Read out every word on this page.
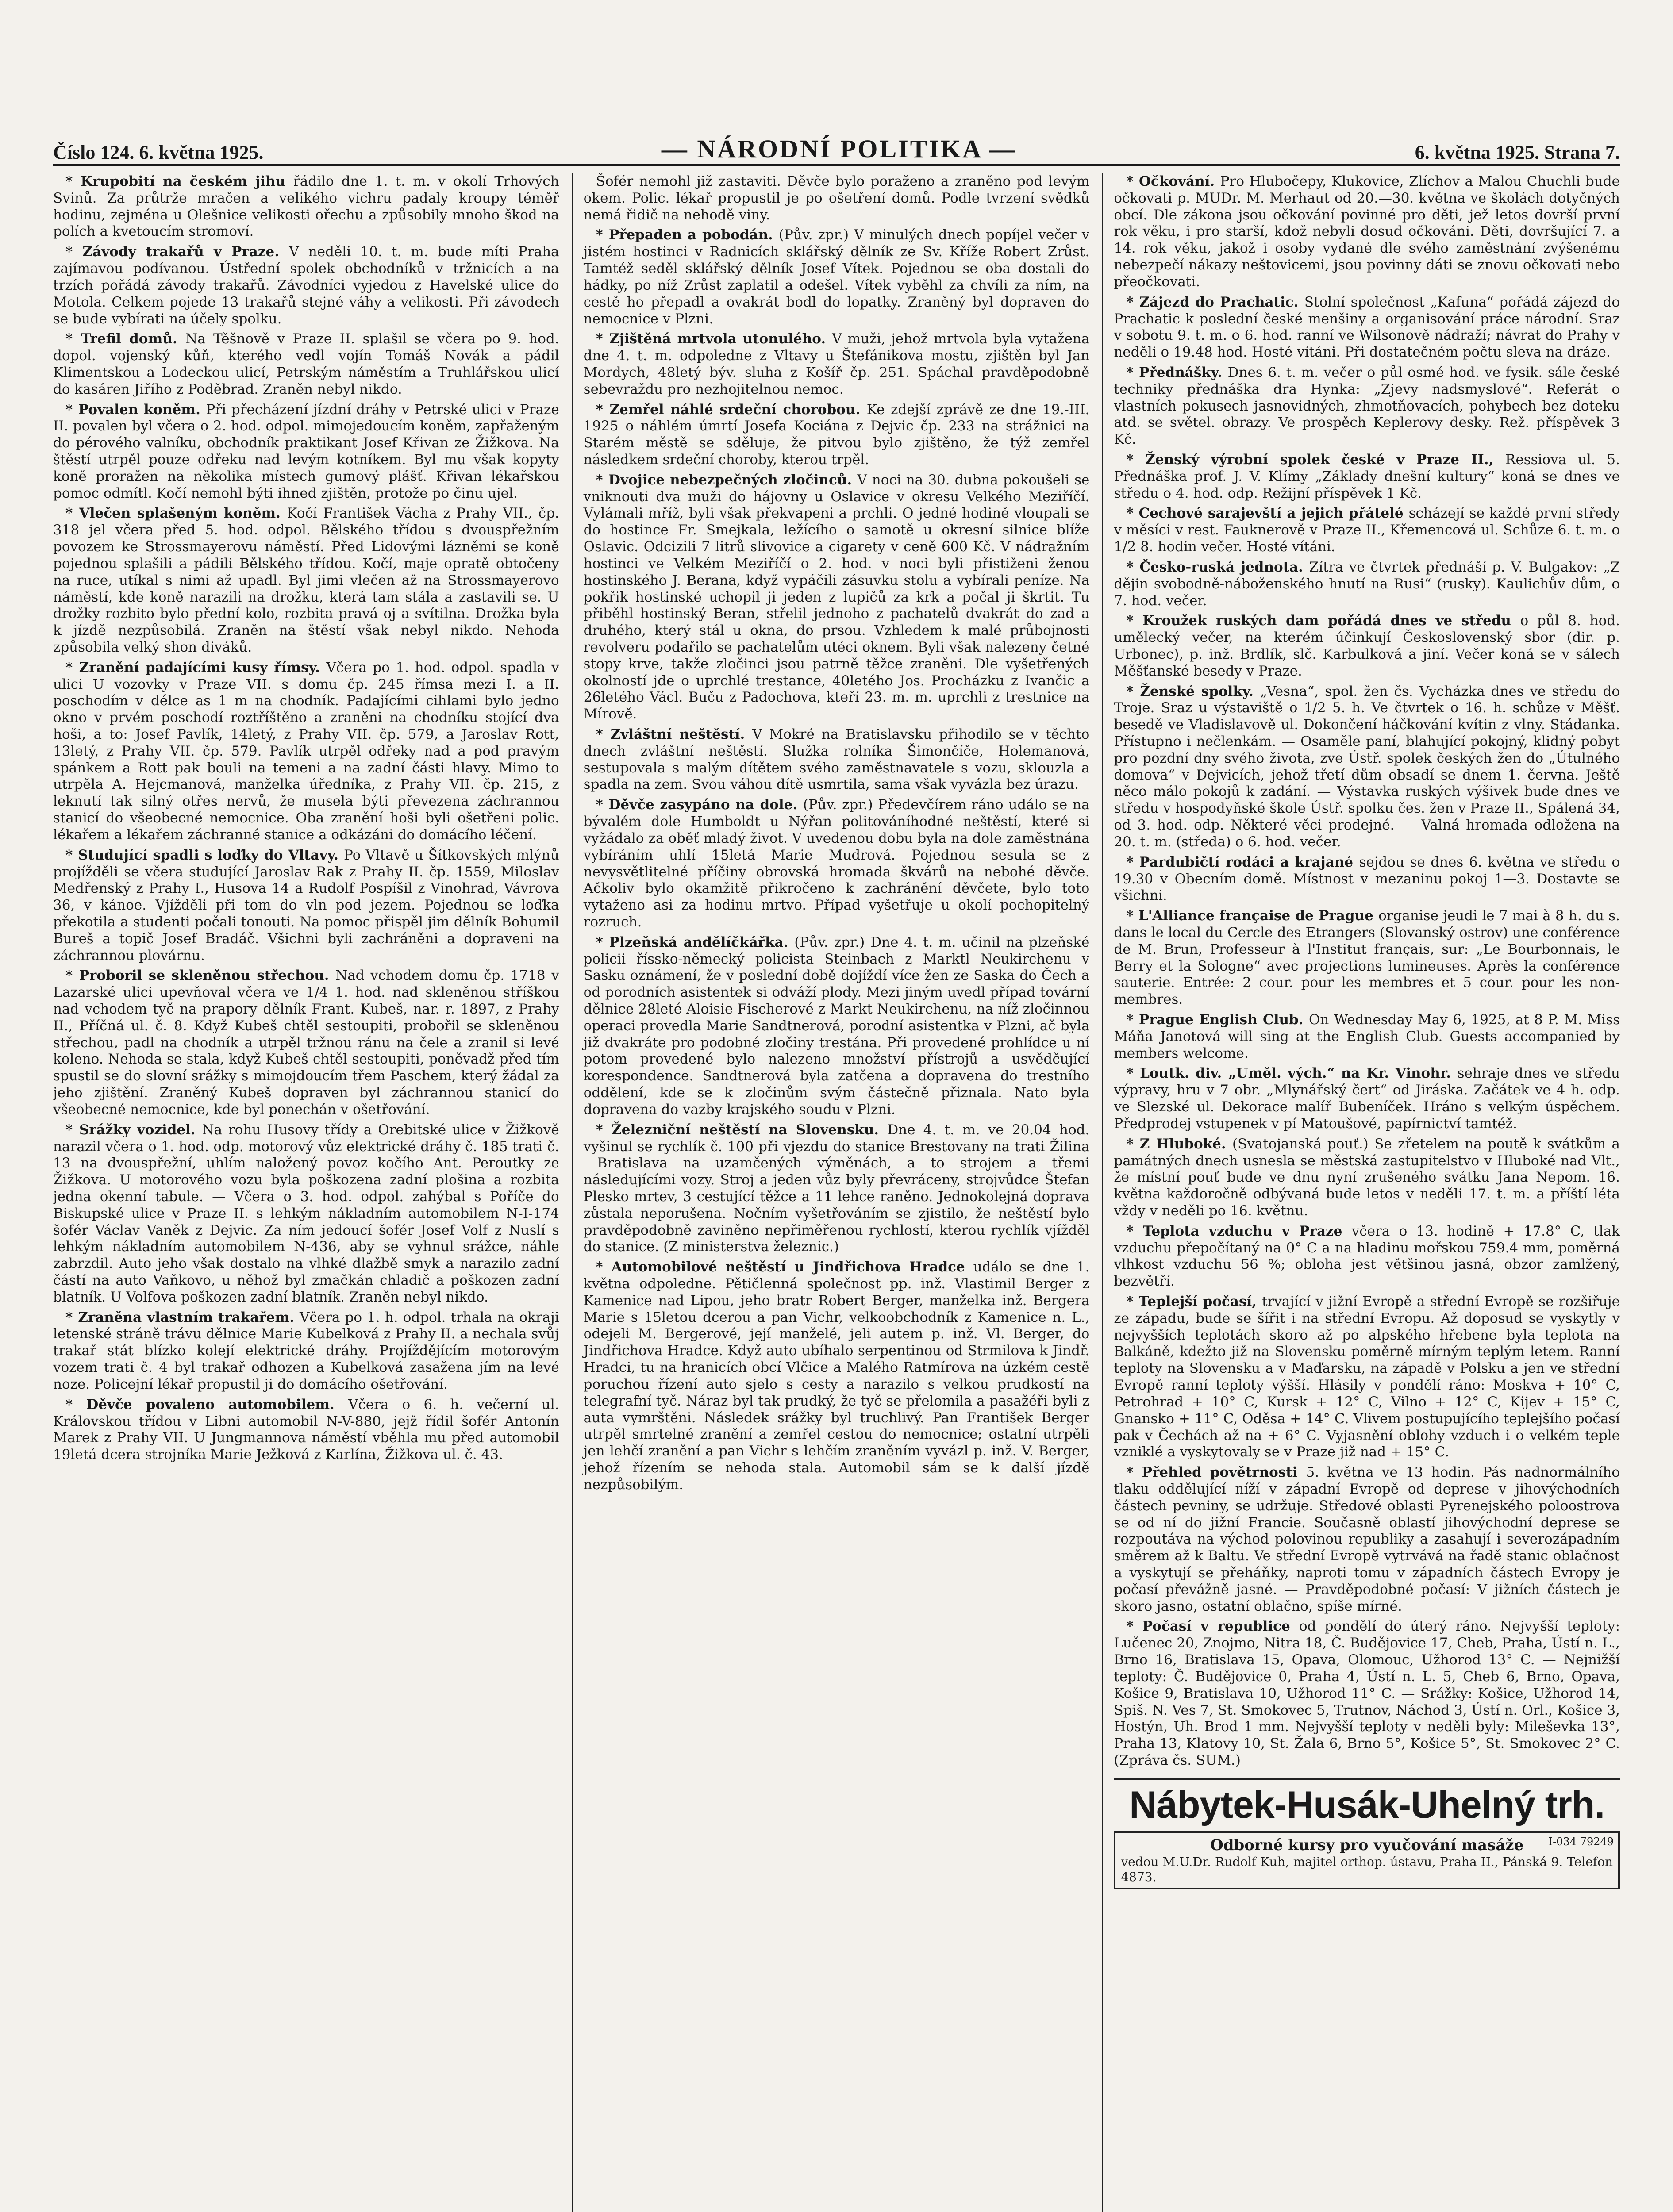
Číslo 124. 6. května 1925.	— NÁRODNÍ POLITIKA —	6. května 1925. Strana 7.

* Krupobití na českém jihu řádilo dne 1. t. m. v okolí Trhových Svinů. Za průtrže mračen a velikého vichru padaly kroupy téměř hodinu, zejména u Olešnice velikosti ořechu a způsobily mnoho škod na polích a kvetoucím stromoví.

* Závody trakařů v Praze. V neděli 10. t. m. bude míti Praha zajímavou podívanou. Ústřední spolek obchodníků v tržnicích a na trzích pořádá závody trakařů. Závodníci vyjedou z Havelské ulice do Motola. Celkem pojede 13 trakařů stejné váhy a velikosti. Při závodech se bude vybírati na účely spolku.

* Trefil domů. Na Těšnově v Praze II. splašil se včera po 9. hod. dopol. vojenský kůň, kterého vedl vojín Tomáš Novák a pádil Klimentskou a Lodeckou ulicí, Petrským náměstím a Truhlářskou ulicí do kasáren Jiřího z Poděbrad. Zraněn nebyl nikdo.

* Povalen koněm. Při přecházení jízdní dráhy v Petrské ulici v Praze II. povalen byl včera o 2. hod. odpol. mimojedoucím koněm, zapřaženým do pérového valníku, obchodník praktikant Josef Křivan ze Žižkova. Na štěstí utrpěl pouze odřeku nad levým kotníkem. Byl mu však kopyty koně proražen na několika místech gumový plášť. Křivan lékařskou pomoc odmítl. Kočí nemohl býti ihned zjištěn, protože po činu ujel.

* Vlečen splašeným koněm. Kočí František Vácha z Prahy VII., čp. 318 jel včera před 5. hod. odpol. Bělského třídou s dvouspřežním povozem ke Strossmayerovu náměstí. Před Lidovými lázněmi se koně pojednou splašili a pádili Bělského třídou. Kočí, maje opratě obtočeny na ruce, utíkal s nimi až upadl. Byl jimi vlečen až na Strossmayerovo náměstí, kde koně narazili na drožku, která tam stála a zastavili se. U drožky rozbito bylo přední kolo, rozbita pravá oj a svítilna. Drožka byla k jízdě nezpůsobilá. Zraněn na štěstí však nebyl nikdo. Nehoda způsobila velký shon diváků.

* Zranění padajícími kusy římsy. Včera po 1. hod. odpol. spadla v ulici U vozovky v Praze VII. s domu čp. 245 římsa mezi I. a II. poschodím v délce as 1 m na chodník. Padajícími cihlami bylo jedno okno v prvém poschodí roztříštěno a zraněni na chodníku stojící dva hoši, a to: Josef Pavlík, 14letý, z Prahy VII. čp. 579, a Jaroslav Rott, 13letý, z Prahy VII. čp. 579. Pavlík utrpěl odřeky nad a pod pravým spánkem a Rott pak bouli na temeni a na zadní části hlavy. Mimo to utrpěla A. Hejcmanová, manželka úředníka, z Prahy VII. čp. 215, z leknutí tak silný otřes nervů, že musela býti převezena záchrannou stanicí do všeobecné nemocnice. Oba zranění hoši byli ošetřeni polic. lékařem a lékařem záchranné stanice a odkázáni do domácího léčení.

* Studující spadli s loďky do Vltavy. Po Vltavě u Šítkovských mlýnů projížděli se včera studující Jaroslav Rak z Prahy II. čp. 1559, Miloslav Medřenský z Prahy I., Husova 14 a Rudolf Pospíšil z Vinohrad, Vávrova 36, v kánoe. Vjížděli při tom do vln pod jezem. Pojednou se loďka překotila a studenti počali tonouti. Na pomoc přispěl jim dělník Bohumil Bureš a topič Josef Bradáč. Všichni byli zachráněni a dopraveni na záchrannou plovárnu.

* Proboril se skleněnou střechou. Nad vchodem domu čp. 1718 v Lazarské ulici upevňoval včera ve 1/4 1. hod. nad skleněnou stříškou nad vchodem tyč na prapory dělník Frant. Kubeš, nar. r. 1897, z Prahy II., Příčná ul. č. 8. Když Kubeš chtěl sestoupiti, probořil se skleněnou střechou, padl na chodník a utrpěl tržnou ránu na čele a zranil si levé koleno. Nehoda se stala, když Kubeš chtěl sestoupiti, poněvadž před tím spustil se do slovní srážky s mimojdoucím třem Paschem, který žádal za jeho zjištění. Zraněný Kubeš dopraven byl záchrannou stanicí do všeobecné nemocnice, kde byl ponechán v ošetřování.

* Srážky vozidel. Na rohu Husovy třídy a Orebitské ulice v Žižkově narazil včera o 1. hod. odp. motorový vůz elektrické dráhy č. 185 trati č. 13 na dvouspřežní, uhlím naložený povoz kočího Ant. Peroutky ze Žižkova. U motorového vozu byla poškozena zadní plošina a rozbita jedna okenní tabule. — Včera o 3. hod. odpol. zahýbal s Poříče do Biskupské ulice v Praze II. s lehkým nákladním automobilem N-I-174 šofér Václav Vaněk z Dejvic. Za ním jedoucí šofér Josef Volf z Nuslí s lehkým nákladním automobilem N-436, aby se vyhnul srážce, náhle zabrzdil. Auto jeho však dostalo na vlhké dlažbě smyk a narazilo zadní částí na auto Vaňkovo, u něhož byl zmačkán chladič a poškozen zadní blatník. U Volfova poškozen zadní blatník. Zraněn nebyl nikdo.

* Zraněna vlastním trakařem. Včera po 1. h. odpol. trhala na okraji letenské stráně trávu dělnice Marie Kubelková z Prahy II. a nechala svůj trakař stát blízko kolejí elektrické dráhy. Projíždějícím motorovým vozem trati č. 4 byl trakař odhozen a Kubelková zasažena jím na levé noze. Policejní lékař propustil ji do domácího ošetřování.

* Děvče povaleno automobilem. Včera o 6. h. večerní ul. Královskou třídou v Libni automobil N-V-880, jejž řídil šofér Antonín Marek z Prahy VII. U Jungmannova náměstí vběhla mu před automobil 19letá dcera strojníka Marie Ježková z Karlína, Žižkova ul. č. 43.

Šofér nemohl již zastaviti. Děvče bylo poraženo a zraněno pod levým okem. Polic. lékař propustil je po ošetření domů. Podle tvrzení svědků nemá řidič na nehodě viny.

* Přepaden a pobodán. (Pův. zpr.) V minulých dnech popíjel večer v jistém hostinci v Radnicích sklářský dělník ze Sv. Kříže Robert Zrůst. Tamtéž seděl sklářský dělník Josef Vítek. Pojednou se oba dostali do hádky, po níž Zrůst zaplatil a odešel. Vítek vyběhl za chvíli za ním, na cestě ho přepadl a ovakrát bodl do lopatky. Zraněný byl dopraven do nemocnice v Plzni.

* Zjištěná mrtvola utonulého. V muži, jehož mrtvola byla vytažena dne 4. t. m. odpoledne z Vltavy u Štefánikova mostu, zjištěn byl Jan Mordych, 48letý býv. sluha z Košíř čp. 251. Spáchal pravděpodobně sebevraždu pro nezhojitelnou nemoc.

* Zemřel náhlé srdeční chorobou. Ke zdejší zprávě ze dne 19.-III. 1925 o náhlém úmrtí Josefa Kociána z Dejvic čp. 233 na strážnici na Starém městě se sděluje, že pitvou bylo zjištěno, že týž zemřel následkem srdeční choroby, kterou trpěl.

* Dvojice nebezpečných zločinců. V noci na 30. dubna pokoušeli se vniknouti dva muži do hájovny u Oslavice v okresu Velkého Meziříčí. Vylámali mříž, byli však překvapeni a prchli. O jedné hodině vloupali se do hostince Fr. Smejkala, ležícího o samotě u okresní silnice blíže Oslavic. Odcizili 7 litrů slivovice a cigarety v ceně 600 Kč. V nádražním hostinci ve Velkém Meziříčí o 2. hod. v noci byli přistiženi ženou hostinského J. Berana, když vypáčili zásuvku stolu a vybírali peníze. Na pokřik hostinské uchopil ji jeden z lupičů za krk a počal ji škrtit. Tu přiběhl hostinský Beran, střelil jednoho z pachatelů dvakrát do zad a druhého, který stál u okna, do prsou. Vzhledem k malé průbojnosti revolveru podařilo se pachatelům utéci oknem. Byli však nalezeny četné stopy krve, takže zločinci jsou patrně těžce zraněni. Dle vyšetřených okolností jde o uprchlé trestance, 40letého Jos. Procházku z Ivančic a 26letého Václ. Buču z Padochova, kteří 23. m. m. uprchli z trestnice na Mírově.

* Zvláštní neštěstí. V Mokré na Bratislavsku přihodilo se v těchto dnech zvláštní neštěstí. Služka rolníka Šimončíče, Holemanová, sestupovala s malým dítětem svého zaměstnavatele s vozu, sklouzla a spadla na zem. Svou váhou dítě usmrtila, sama však vyvázla bez úrazu.

* Děvče zasypáno na dole. (Pův. zpr.) Předevčírem ráno událo se na bývalém dole Humboldt u Nýřan politováníhodné neštěstí, které si vyžádalo za oběť mladý život. V uvedenou dobu byla na dole zaměstnána vybíráním uhlí 15letá Marie Mudrová. Pojednou sesula se z nevysvětlitelné příčiny obrovská hromada škvárů na nebohé děvče. Ačkoliv bylo okamžitě přikročeno k zachránění děvčete, bylo toto vytaženo asi za hodinu mrtvo. Případ vyšetřuje u okolí pochopitelný rozruch.

* Plzeňská andělíčkářka. (Pův. zpr.) Dne 4. t. m. učinil na plzeňské policii říssko-německý policista Steinbach z Marktl Neukirchenu v Sasku oznámení, že v poslední době dojíždí více žen ze Saska do Čech a od porodních asistentek si odváží plody. Mezi jiným uvedl případ tovární dělnice 28leté Aloisie Fischerové z Markt Neukirchenu, na níž zločinnou operaci provedla Marie Sandtnerová, porodní asistentka v Plzni, ač byla již dvakráte pro podobné zločiny trestána. Při provedené prohlídce u ní potom provedené bylo nalezeno množství přístrojů a usvědčující korespondence. Sandtnerová byla zatčena a dopravena do trestního oddělení, kde se k zločinům svým částečně přiznala. Nato byla dopravena do vazby krajského soudu v Plzni.

* Železniční neštěstí na Slovensku. Dne 4. t. m. ve 20.04 hod. vyšinul se rychlík č. 100 při vjezdu do stanice Brestovany na trati Žilina—Bratislava na uzamčených výměnách, a to strojem a třemi následujícími vozy. Stroj a jeden vůz byly převráceny, strojvůdce Štefan Plesko mrtev, 3 cestující těžce a 11 lehce raněno. Jednokolejná doprava zůstala neporušena. Nočním vyšetřováním se zjistilo, že neštěstí bylo pravděpodobně zaviněno nepřiměřenou rychlostí, kterou rychlík vjížděl do stanice. (Z ministerstva železnic.)

* Automobilové neštěstí u Jindřichova Hradce událo se dne 1. května odpoledne. Pětičlenná společnost pp. inž. Vlastimil Berger z Kamenice nad Lipou, jeho bratr Robert Berger, manželka inž. Bergera Marie s 15letou dcerou a pan Vichr, velkoobchodník z Kamenice n. L., odejeli M. Bergerové, její manželé, jeli autem p. inž. Vl. Berger, do Jindřichova Hradce. Když auto ubíhalo serpentinou od Strmilova k Jindř. Hradci, tu na hranicích obcí Vlčice a Malého Ratmírova na úzkém cestě poruchou řízení auto sjelo s cesty a narazilo s velkou prudkostí na telegrafní tyč. Náraz byl tak prudký, že tyč se přelomila a pasažéři byli z auta vymrštěni. Následek srážky byl truchlivý. Pan František Berger utrpěl smrtelné zranění a zemřel cestou do nemocnice; ostatní utrpěli jen lehčí zranění a pan Vichr s lehčím zraněním vyvázl p. inž. V. Berger, jehož řízením se nehoda stala. Automobil sám se k další jízdě nezpůsobilým.

* Očkování. Pro Hlubočepy, Klukovice, Zlíchov a Malou Chuchli bude očkovati p. MUDr. M. Merhaut od 20.—30. května ve školách dotyčných obcí. Dle zákona jsou očkování povinné pro děti, jež letos dovrší první rok věku, i pro starší, kdož nebyli dosud očkováni. Děti, dovršující 7. a 14. rok věku, jakož i osoby vydané dle svého zaměstnání zvýšenému nebezpečí nákazy neštovicemi, jsou povinny dáti se znovu očkovati nebo přeočkovati.

* Zájezd do Prachatic. Stolní společnost „Kafuna“ pořádá zájezd do Prachatic k poslední české menšiny a organisování práce národní. Sraz v sobotu 9. t. m. o 6. hod. ranní ve Wilsonově nádraží; návrat do Prahy v neděli o 19.48 hod. Hosté vítáni. Při dostatečném počtu sleva na dráze.

* Přednášky. Dnes 6. t. m. večer o půl osmé hod. ve fysik. sále české techniky přednáška dra Hynka: „Zjevy nadsmyslové“. Referát o vlastních pokusech jasnovidných, zhmotňovacích, pohybech bez doteku atd. se světel. obrazy. Ve prospěch Keplerovy desky. Rež. příspěvek 3 Kč.

* Ženský výrobní spolek české v Praze II., Ressiova ul. 5. Přednáška prof. J. V. Klímy „Základy dnešní kultury“ koná se dnes ve středu o 4. hod. odp. Režijní příspěvek 1 Kč.

* Cechové sarajevští a jejich přátelé scházejí se každé první středy v měsíci v rest. Fauknerově v Praze II., Křemencová ul. Schůze 6. t. m. o 1/2 8. hodin večer. Hosté vítáni.

* Česko-ruská jednota. Zítra ve čtvrtek přednáší p. V. Bulgakov: „Z dějin svobodně-náboženského hnutí na Rusi“ (rusky). Kaulichův dům, o 7. hod. večer.

* Kroužek ruských dam pořádá dnes ve středu o půl 8. hod. umělecký večer, na kterém účinkují Československý sbor (dir. p. Urbonec), p. inž. Brdlík, slč. Karbulková a jiní. Večer koná se v sálech Měšťanské besedy v Praze.

* Ženské spolky. „Vesna“, spol. žen čs. Vycházka dnes ve středu do Troje. Sraz u výstaviště o 1/2 5. h. Ve čtvrtek o 16. h. schůze v Měšť. besedě ve Vladislavově ul. Dokončení háčkování kvítin z vlny. Stádanka. Přístupno i nečlenkám. — Osaměle paní, blahující pokojný, klidný pobyt pro pozdní dny svého života, zve Ústř. spolek českých žen do „Útulného domova“ v Dejvicích, jehož třetí dům obsadí se dnem 1. června. Ještě něco málo pokojů k zadání. — Výstavka ruských výšivek bude dnes ve středu v hospodyňské škole Ústř. spolku čes. žen v Praze II., Spálená 34, od 3. hod. odp. Některé věci prodejné. — Valná hromada odložena na 20. t. m. (středa) o 6. hod. večer.

* Pardubičtí rodáci a krajané sejdou se dnes 6. května ve středu o 19.30 v Obecním domě. Místnost v mezaninu pokoj 1—3. Dostavte se všichni.

* L'Alliance française de Prague organise jeudi le 7 mai à 8 h. du s. dans le local du Cercle des Etrangers (Slovanský ostrov) une conférence de M. Brun, Professeur à l'Institut français, sur: „Le Bourbonnais, le Berry et la Sologne“ avec projections lumineuses. Après la conférence sauterie. Entrée: 2 cour. pour les membres et 5 cour. pour les non-membres.

* Prague English Club. On Wednesday May 6, 1925, at 8 P. M. Miss Máňa Janotová will sing at the English Club. Guests accompanied by members welcome.

* Loutk. div. „Uměl. vých.“ na Kr. Vinohr. sehraje dnes ve středu výpravy, hru v 7 obr. „Mlynářský čert“ od Jiráska. Začátek ve 4 h. odp. ve Slezské ul. Dekorace malíř Bubeníček. Hráno s velkým úspěchem. Předprodej vstupenek v pí Matoušové, papírnictví tamtéž.

* Z Hluboké. (Svatojanská pouť.) Se zřetelem na poutě k svátkům a památných dnech usnesla se městská zastupitelstvo v Hluboké nad Vlt., že místní pouť bude ve dnu nyní zrušeného svátku Jana Nepom. 16. května každoročně odbývaná bude letos v neděli 17. t. m. a příští léta vždy v neděli po 16. květnu.

* Teplota vzduchu v Praze včera o 13. hodině + 17.8° C, tlak vzduchu přepočítaný na 0° C a na hladinu mořskou 759.4 mm, poměrná vlhkost vzduchu 56 %; obloha jest většinou jasná, obzor zamlžený, bezvětří.

* Teplejší počasí, trvající v jižní Evropě a střední Evropě se rozšiřuje ze západu, bude se šířit i na střední Evropu. Až doposud se vyskytly v nejvyšších teplotách skoro až po alpského hřebene byla teplota na Balkáně, kdežto již na Slovensku poměrně mírným teplým letem. Ranní teploty na Slovensku a v Maďarsku, na západě v Polsku a jen ve střední Evropě ranní teploty výšší. Hlásily v pondělí ráno: Moskva + 10° C, Petrohrad + 10° C, Kursk + 12° C, Vilno + 12° C, Kijev + 15° C, Gnansko + 11° C, Oděsa + 14° C. Vlivem postupujícího teplejšího počasí pak v Čechách až na + 6° C. Vyjasnění oblohy vzduch i o velkém teple vzniklé a vyskytovaly se v Praze již nad + 15° C.

* Přehled povětrnosti 5. května ve 13 hodin. Pás nadnormálního tlaku oddělující níží v západní Evropě od deprese v jihovýchodních částech pevniny, se udržuje. Středové oblasti Pyrenejského poloostrova se od ní do jižní Francie. Současně oblastí jihovýchodní deprese se rozpoutáva na východ polovinou republiky a zasahují i severozápadním směrem až k Baltu. Ve střední Evropě vytrvává na řadě stanic oblačnost a vyskytují se přeháňky, naproti tomu v západních částech Evropy je počasí převážně jasné. — Pravděpodobné počasí: V jižních částech je skoro jasno, ostatní oblačno, spíše mírné.

* Počasí v republice od pondělí do úterý ráno. Nejvyšší teploty: Lučenec 20, Znojmo, Nitra 18, Č. Budějovice 17, Cheb, Praha, Ústí n. L., Brno 16, Bratislava 15, Opava, Olomouc, Užhorod 13° C. — Nejnižší teploty: Č. Budějovice 0, Praha 4, Ústí n. L. 5, Cheb 6, Brno, Opava, Košice 9, Bratislava 10, Užhorod 11° C. — Srážky: Košice, Užhorod 14, Spiš. N. Ves 7, St. Smokovec 5, Trutnov, Náchod 3, Ústí n. Orl., Košice 3, Hostýn, Uh. Brod 1 mm. Nejvyšší teploty v neděli byly: Mileševka 13°, Praha 13, Klatovy 10, St. Žala 6, Brno 5°, Košice 5°, St. Smokovec 2° C. (Zpráva čs. SUM.)

Nábytek-Husák-Uhelný trh.
I-034 79249
Odborné kursy pro vyučování masáže
vedou M.U.Dr. Rudolf Kuh, majitel orthop. ústavu, Praha II., Pánská 9. Telefon 4873.
